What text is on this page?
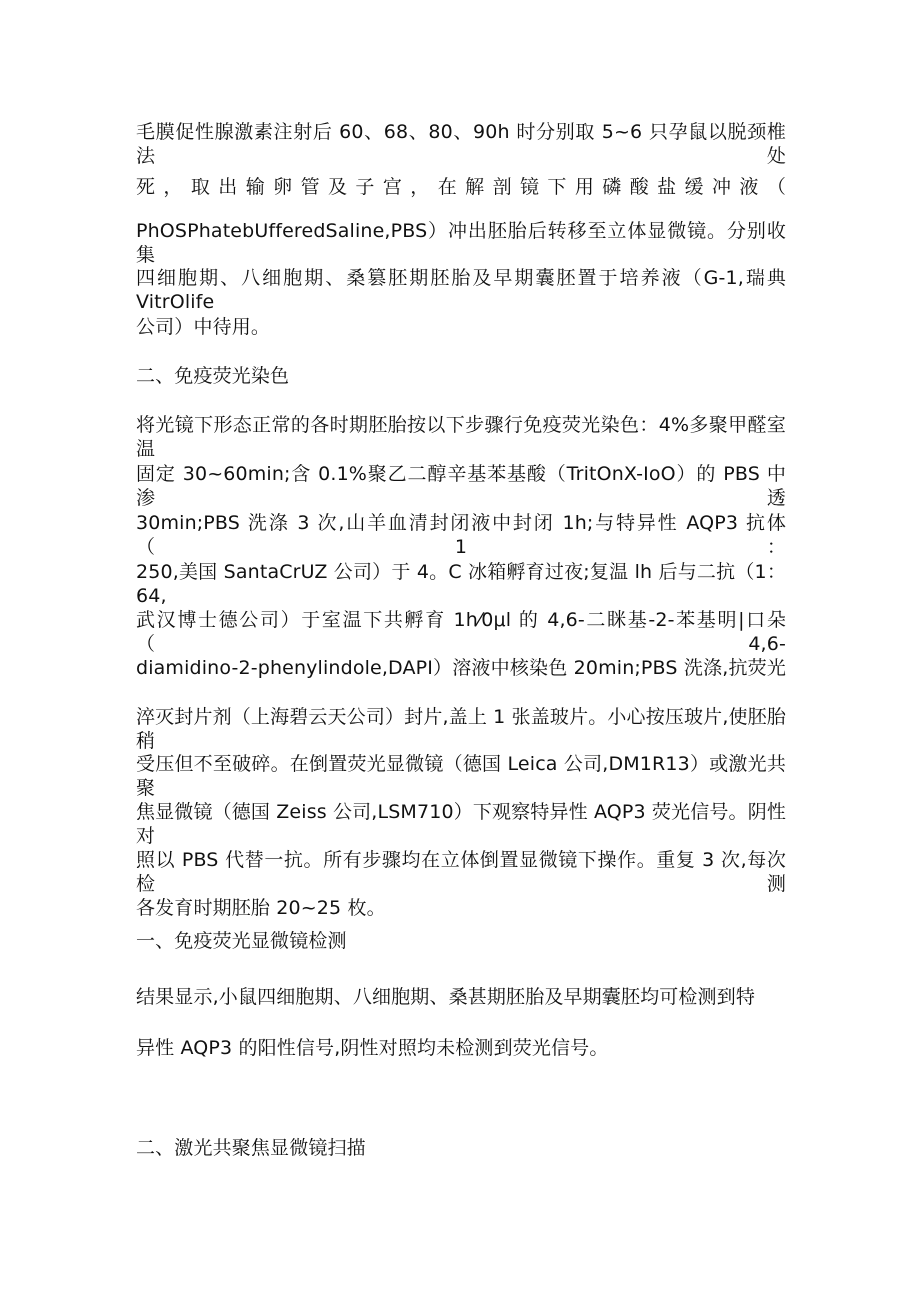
毛膜促性腺激素注射后 60、68、80、90h 时分别取 5~6 只孕鼠以脱颈椎法处
死，取出输卵管及子宫，在解剖镜下用磷酸盐缓冲液（
PhOSPhatebUfferedSaline,PBS）冲出胚胎后转移至立体显微镜。分别收集
四细胞期、八细胞期、桑篡胚期胚胎及早期囊胚置于培养液（G-1,瑞典 VitrOlife
公司）中待用。
二、免疫荧光染色
将光镜下形态正常的各时期胚胎按以下步骤行免疫荧光染色：4%多聚甲醛室温
固定 30~60min;含 0.1%聚乙二醇辛基苯基酸（TritOnX-IoO）的 PBS 中渗透
30min;PBS 洗涤 3 次,山羊血清封闭液中封闭 1h;与特异性 AQP3 抗体（1：
250,美国 SantaCrUZ 公司）于 4。C 冰箱孵育过夜;复温 lh 后与二抗（1：64,
武汉博士德公司）于室温下共孵育 1h⁄0μl 的 4,6-二眯基-2-苯基明|口朵（4,6-
diamidino-2-phenylindole,DAPI）溶液中核染色 20min;PBS 洗涤,抗荧光
淬灭封片剂（上海碧云天公司）封片,盖上 1 张盖玻片。小心按压玻片,使胚胎稍
受压但不至破碎。在倒置荧光显微镜（德国 Leica 公司,DM1R13）或激光共聚
焦显微镜（德国 Zeiss 公司,LSM710）下观察特异性 AQP3 荧光信号。阴性对
照以 PBS 代替一抗。所有步骤均在立体倒置显微镜下操作。重复 3 次,每次检测
各发育时期胚胎 20~25 枚。
一、免疫荧光显微镜检测
结果显示,小鼠四细胞期、八细胞期、桑甚期胚胎及早期囊胚均可检测到特
异性 AQP3 的阳性信号,阴性对照均未检测到荧光信号。
二、激光共聚焦显微镜扫描
